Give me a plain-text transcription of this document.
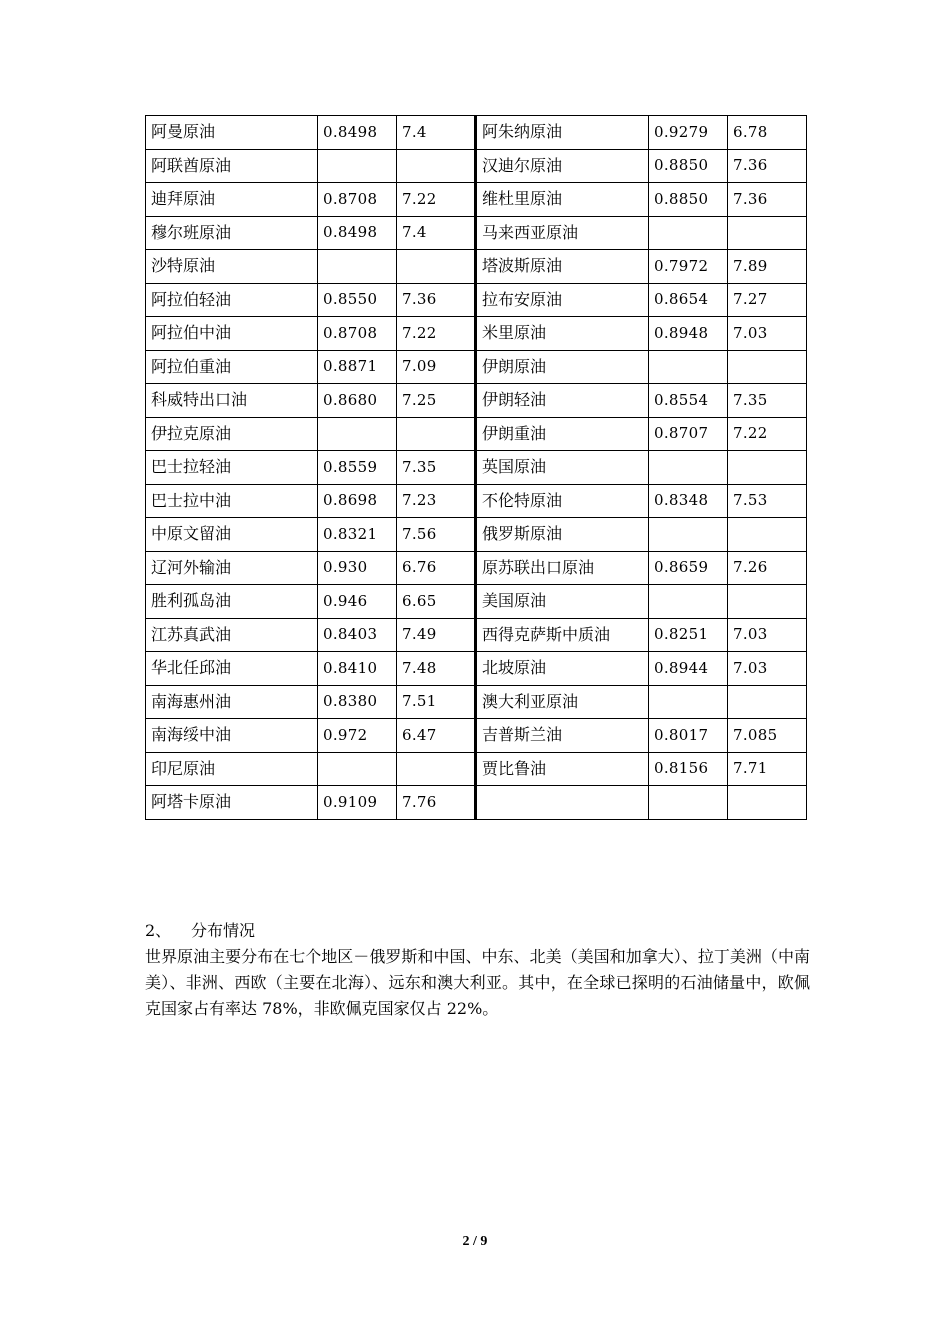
阿曼原油	0.8498	7.4	阿朱纳原油	0.9279	6.78
阿联酋原油			汉迪尔原油	0.8850	7.36
迪拜原油	0.8708	7.22	维杜里原油	0.8850	7.36
穆尔班原油	0.8498	7.4	马来西亚原油		
沙特原油			塔波斯原油	0.7972	7.89
阿拉伯轻油	0.8550	7.36	拉布安原油	0.8654	7.27
阿拉伯中油	0.8708	7.22	米里原油	0.8948	7.03
阿拉伯重油	0.8871	7.09	伊朗原油		
科威特出口油	0.8680	7.25	伊朗轻油	0.8554	7.35
伊拉克原油			伊朗重油	0.8707	7.22
巴士拉轻油	0.8559	7.35	英国原油		
巴士拉中油	0.8698	7.23	不伦特原油	0.8348	7.53
中原文留油	0.8321	7.56	俄罗斯原油		
辽河外输油	0.930	6.76	原苏联出口原油	0.8659	7.26
胜利孤岛油	0.946	6.65	美国原油		
江苏真武油	0.8403	7.49	西得克萨斯中质油	0.8251	7.03
华北任邱油	0.8410	7.48	北坡原油	0.8944	7.03
南海惠州油	0.8380	7.51	澳大利亚原油		
南海绥中油	0.972	6.47	吉普斯兰油	0.8017	7.085
印尼原油			贾比鲁油	0.8156	7.71
阿塔卡原油	0.9109	7.76			

2、 分布情况

世界原油主要分布在七个地区－俄罗斯和中国、中东、北美（美国和加拿大）、拉丁美洲（中南美）、非洲、西欧（主要在北海）、远东和澳大利亚。其中，在全球已探明的石油储量中，欧佩克国家占有率达 78%，非欧佩克国家仅占 22%。

2 / 9
